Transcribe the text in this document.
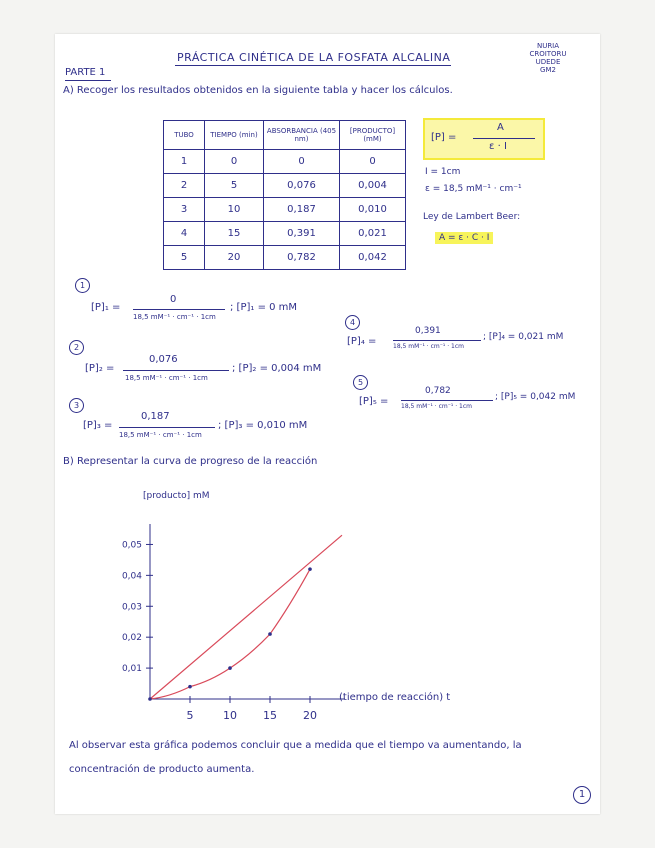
PRÁCTICA CINÉTICA DE LA FOSFATA ALCALINA
PARTE 1
NURIA
CROITORU
UDEDE
GM2
A) Recoger los resultados obtenidos en la siguiente tabla y hacer los cálculos.
TUBO	TIEMPO (min)	ABSORBANCIA (405 nm)	[PRODUCTO] (mM)
1	0	0	0
2	5	0,076	0,004
3	10	0,187	0,010
4	15	0,391	0,021
5	20	0,782	0,042
[P] =
A
ε · I
I = 1cm
ε = 18,5 mM⁻¹ · cm⁻¹
Ley de Lambert Beer:
A = ε · C · I
1
[P]₁ =
0
18,5 mM⁻¹ · cm⁻¹ · 1cm
; [P]₁ = 0 mM
2
[P]₂ =
0,076
18,5 mM⁻¹ · cm⁻¹ · 1cm
; [P]₂ = 0,004 mM
3
[P]₃ =
0,187
18,5 mM⁻¹ · cm⁻¹ · 1cm
; [P]₃ = 0,010 mM
4
[P]₄ =
0,391
18,5 mM⁻¹ · cm⁻¹ · 1cm
; [P]₄ = 0,021 mM
5
[P]₅ =
0,782
18,5 mM⁻¹ · cm⁻¹ · 1cm
; [P]₅ = 0,042 mM
B) Representar la curva de progreso de la reacción
[producto] mM
(tiempo de reacción) t
0,01
0,02
0,03
0,04
0,05
5	10 15 20
Al observar esta gráfica podemos concluir que a medida que el tiempo va aumentando, la concentración de producto aumenta.
1
